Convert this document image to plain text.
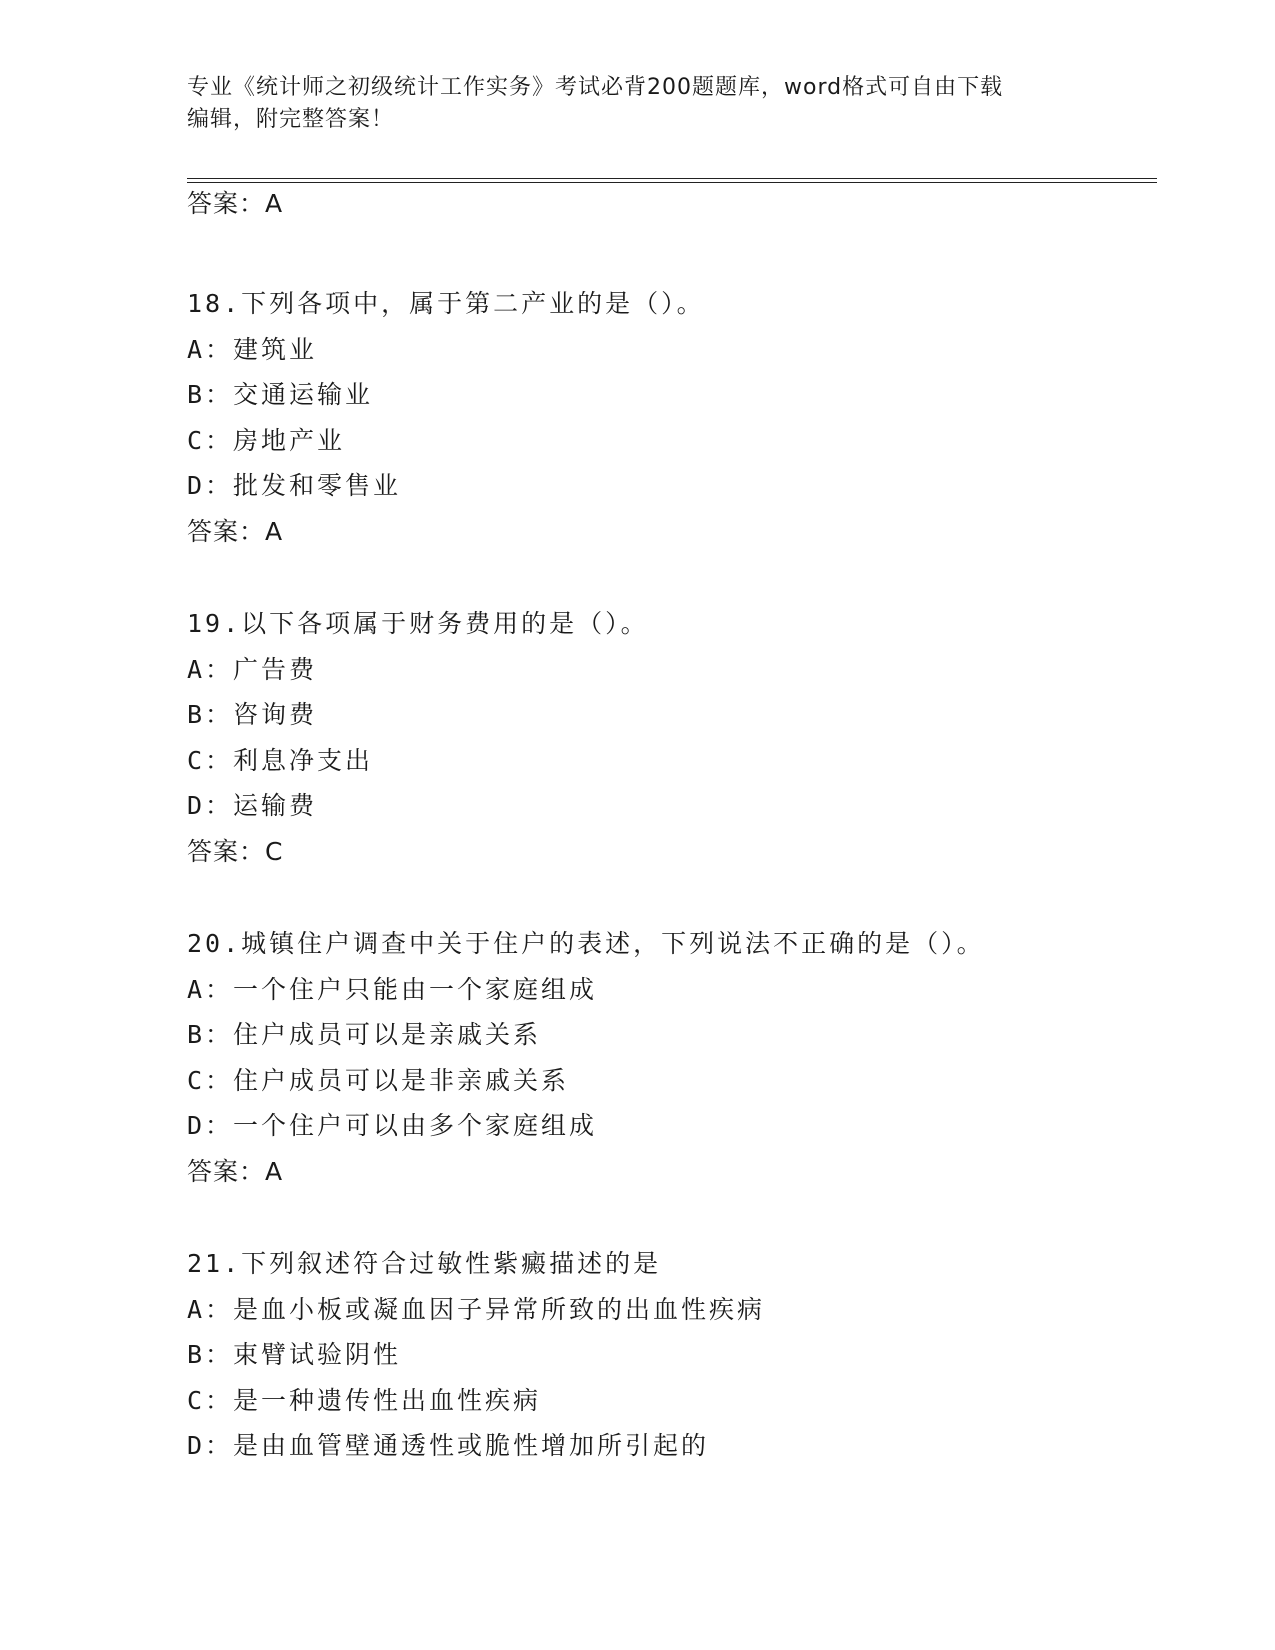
专业《统计师之初级统计工作实务》考试必背200题题库，word格式可自由下载
编辑，附完整答案！
答案：A
18.下列各项中，属于第二产业的是（）。
A：建筑业
B：交通运输业
C：房地产业
D：批发和零售业
答案：A
19.以下各项属于财务费用的是（）。
A：广告费
B：咨询费
C：利息净支出
D：运输费
答案：C
20.城镇住户调查中关于住户的表述，下列说法不正确的是（）。
A：一个住户只能由一个家庭组成
B：住户成员可以是亲戚关系
C：住户成员可以是非亲戚关系
D：一个住户可以由多个家庭组成
答案：A
21.下列叙述符合过敏性紫癜描述的是
A：是血小板或凝血因子异常所致的出血性疾病
B：束臂试验阴性
C：是一种遗传性出血性疾病
D：是由血管壁通透性或脆性增加所引起的
